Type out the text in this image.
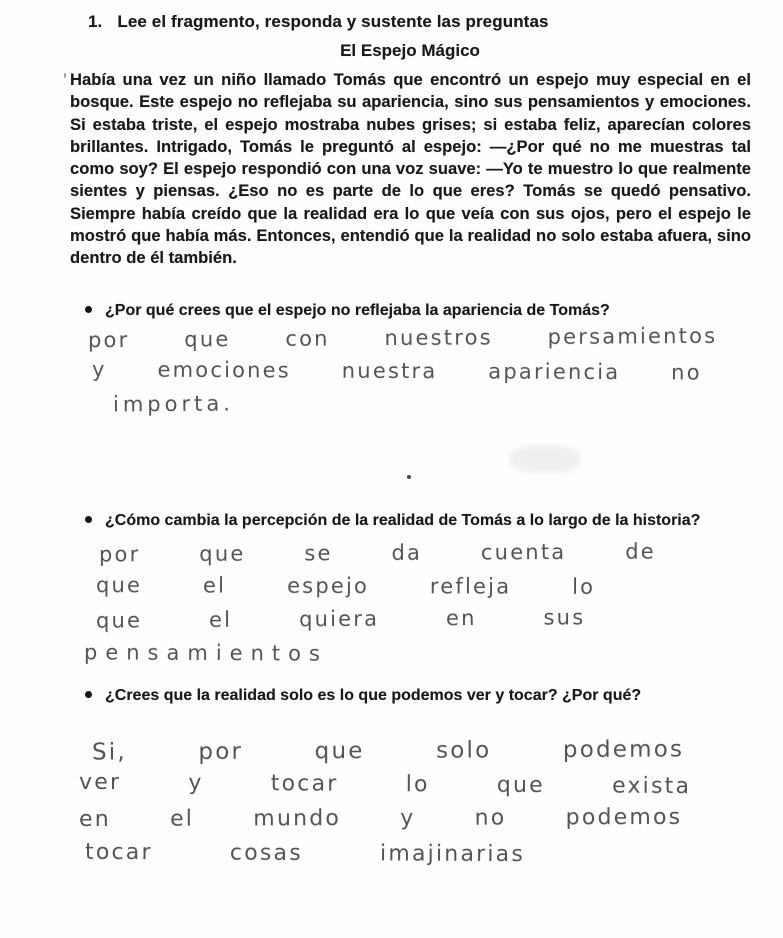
1. Lee el fragmento, responda y sustente las preguntas
El Espejo Mágico

Había una vez un niño llamado Tomás que encontró un espejo muy especial en el bosque. Este espejo no reflejaba su apariencia, sino sus pensamientos y emociones. Si estaba triste, el espejo mostraba nubes grises; si estaba feliz, aparecían colores brillantes. Intrigado, Tomás le preguntó al espejo: —¿Por qué no me muestras tal como soy? El espejo respondió con una voz suave: —Yo te muestro lo que realmente sientes y piensas. ¿Eso no es parte de lo que eres? Tomás se quedó pensativo. Siempre había creído que la realidad era lo que veía con sus ojos, pero el espejo le mostró que había más. Entonces, entendió que la realidad no solo estaba afuera, sino dentro de él también.

¿Por qué crees que el espejo no reflejaba la apariencia de Tomás?
por que con nuestros persamientos
y emociones nuestra apariencia no
importa.
¿Cómo cambia la percepción de la realidad de Tomás a lo largo de la historia?
por que se da cuenta de
que el espejo refleja lo
que el quiera en sus
pensamientos
¿Crees que la realidad solo es lo que podemos ver y tocar? ¿Por qué?
Si, por que solo podemos
ver y tocar lo que exista
en el mundo y no podemos
tocar cosas imajinarias
